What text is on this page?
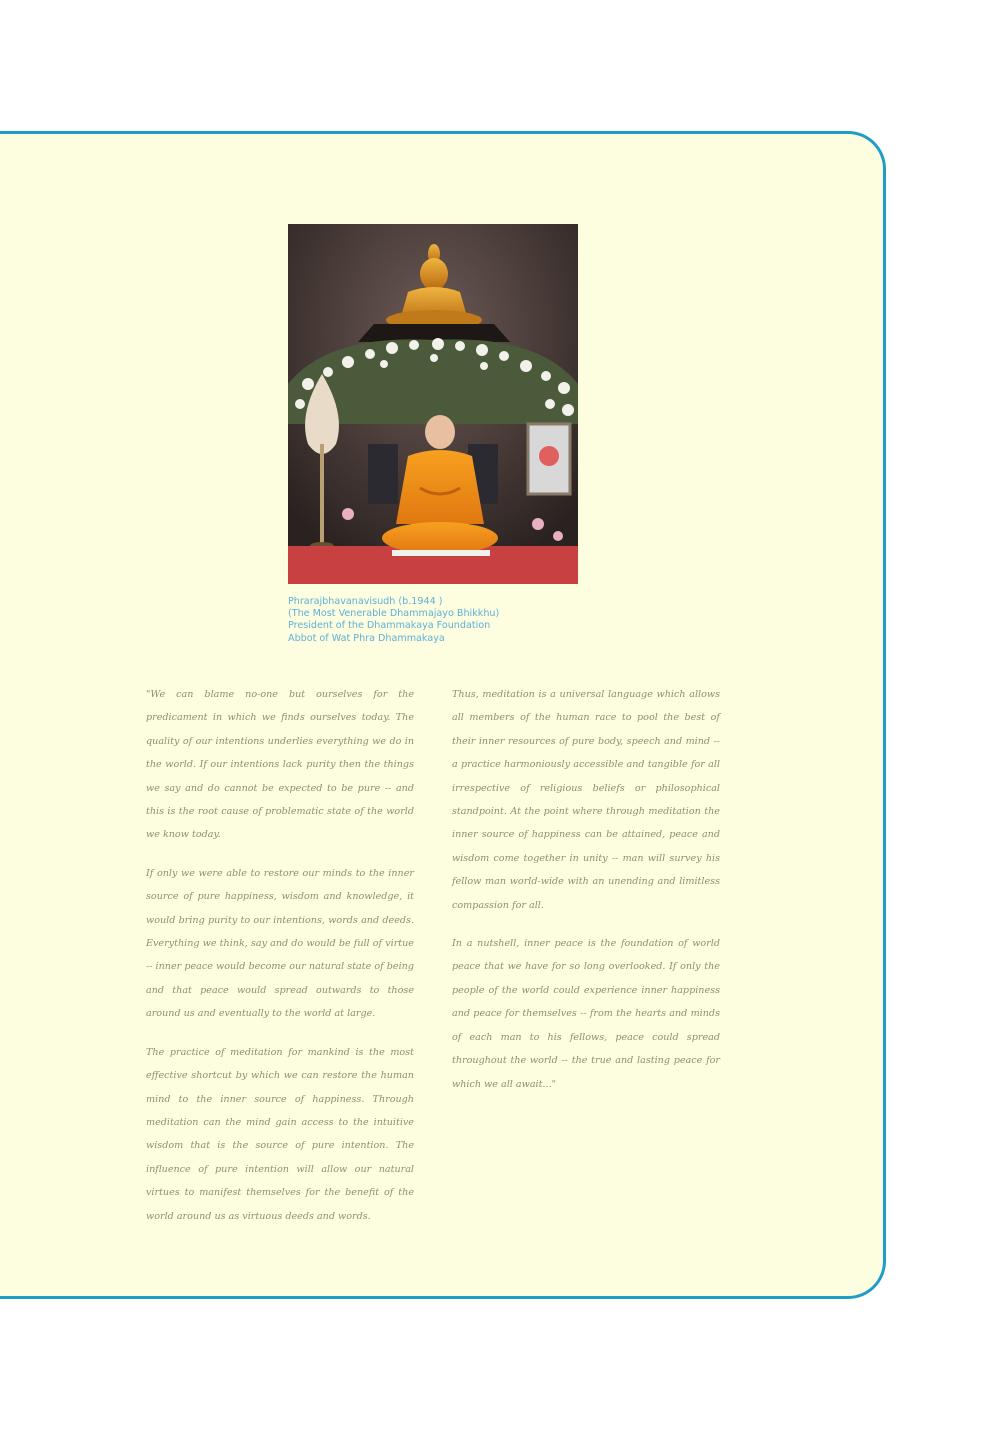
Phrarajbhavanavisudh (b.1944 )
(The Most Venerable Dhammajayo Bhikkhu)
President of the Dhammakaya Foundation
Abbot of Wat Phra Dhammakaya

"We can blame no-one but ourselves for the predicament in which we finds ourselves today. The quality of our intentions underlies everything we do in the world. If our intentions lack purity then the things we say and do cannot be expected to be pure -- and this is the root cause of problematic state of the world we know today.

If only we were able to restore our minds to the inner source of pure happiness, wisdom and knowledge, it would bring purity to our intentions, words and deeds. Everything we think, say and do would be full of virtue -- inner peace would become our natural state of being and that peace would spread outwards to those around us and eventually to the world at large.

The practice of meditation for mankind is the most effective shortcut by which we can restore the human mind to the inner source of happiness. Through meditation can the mind gain access to the intuitive wisdom that is the source of pure intention. The influence of pure intention will allow our natural virtues to manifest themselves for the benefit of the world around us as virtuous deeds and words.

Thus, meditation is a universal language which allows all members of the human race to pool the best of their inner resources of pure body, speech and mind -- a practice harmoniously accessible and tangible for all irrespective of religious beliefs or philosophical standpoint. At the point where through meditation the inner source of happiness can be attained, peace and wisdom come together in unity -- man will survey his fellow man world-wide with an unending and limitless compassion for all.

In a nutshell, inner peace is the foundation of world peace that we have for so long overlooked. If only the people of the world could experience inner happiness and peace for themselves -- from the hearts and minds of each man to his fellows, peace could spread throughout the world -- the true and lasting peace for which we all await..."
